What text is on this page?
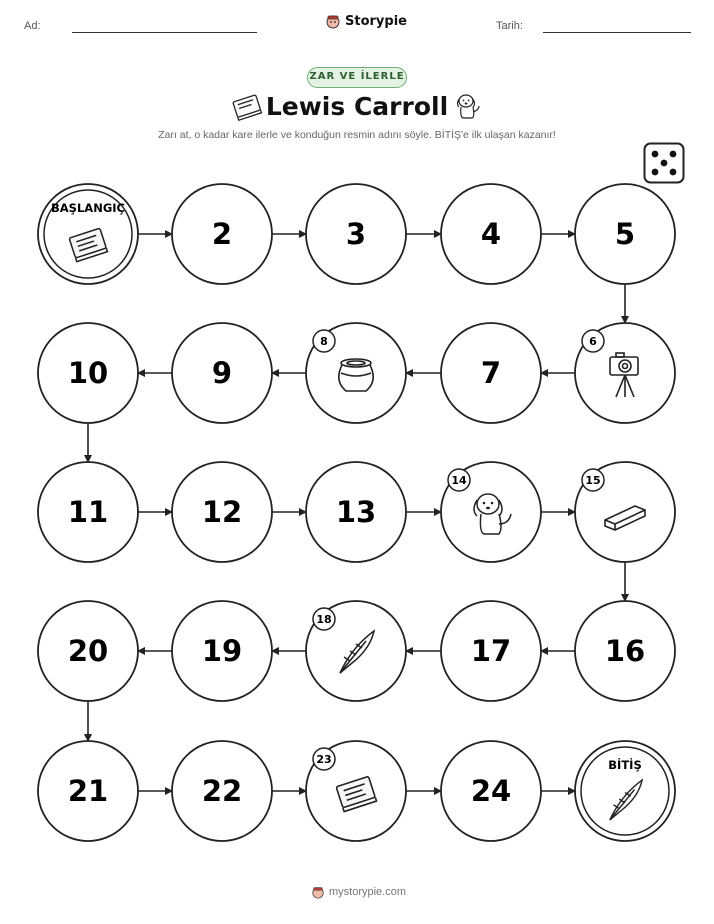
Ad:	Storypie	Tarih:
ZAR VE İLERLE
Lewis Carroll
Zarı at, o kadar kare ilerle ve konduğun resmin adını söyle. BİTİŞ'e ilk ulaşan kazanır!
BAŞLANGIÇ
2	3	4	5
6
7
8
9
10
11	12	13
14	15
16
17
18
19
20
21	22
23
24
BİTİŞ
mystorypie.com
